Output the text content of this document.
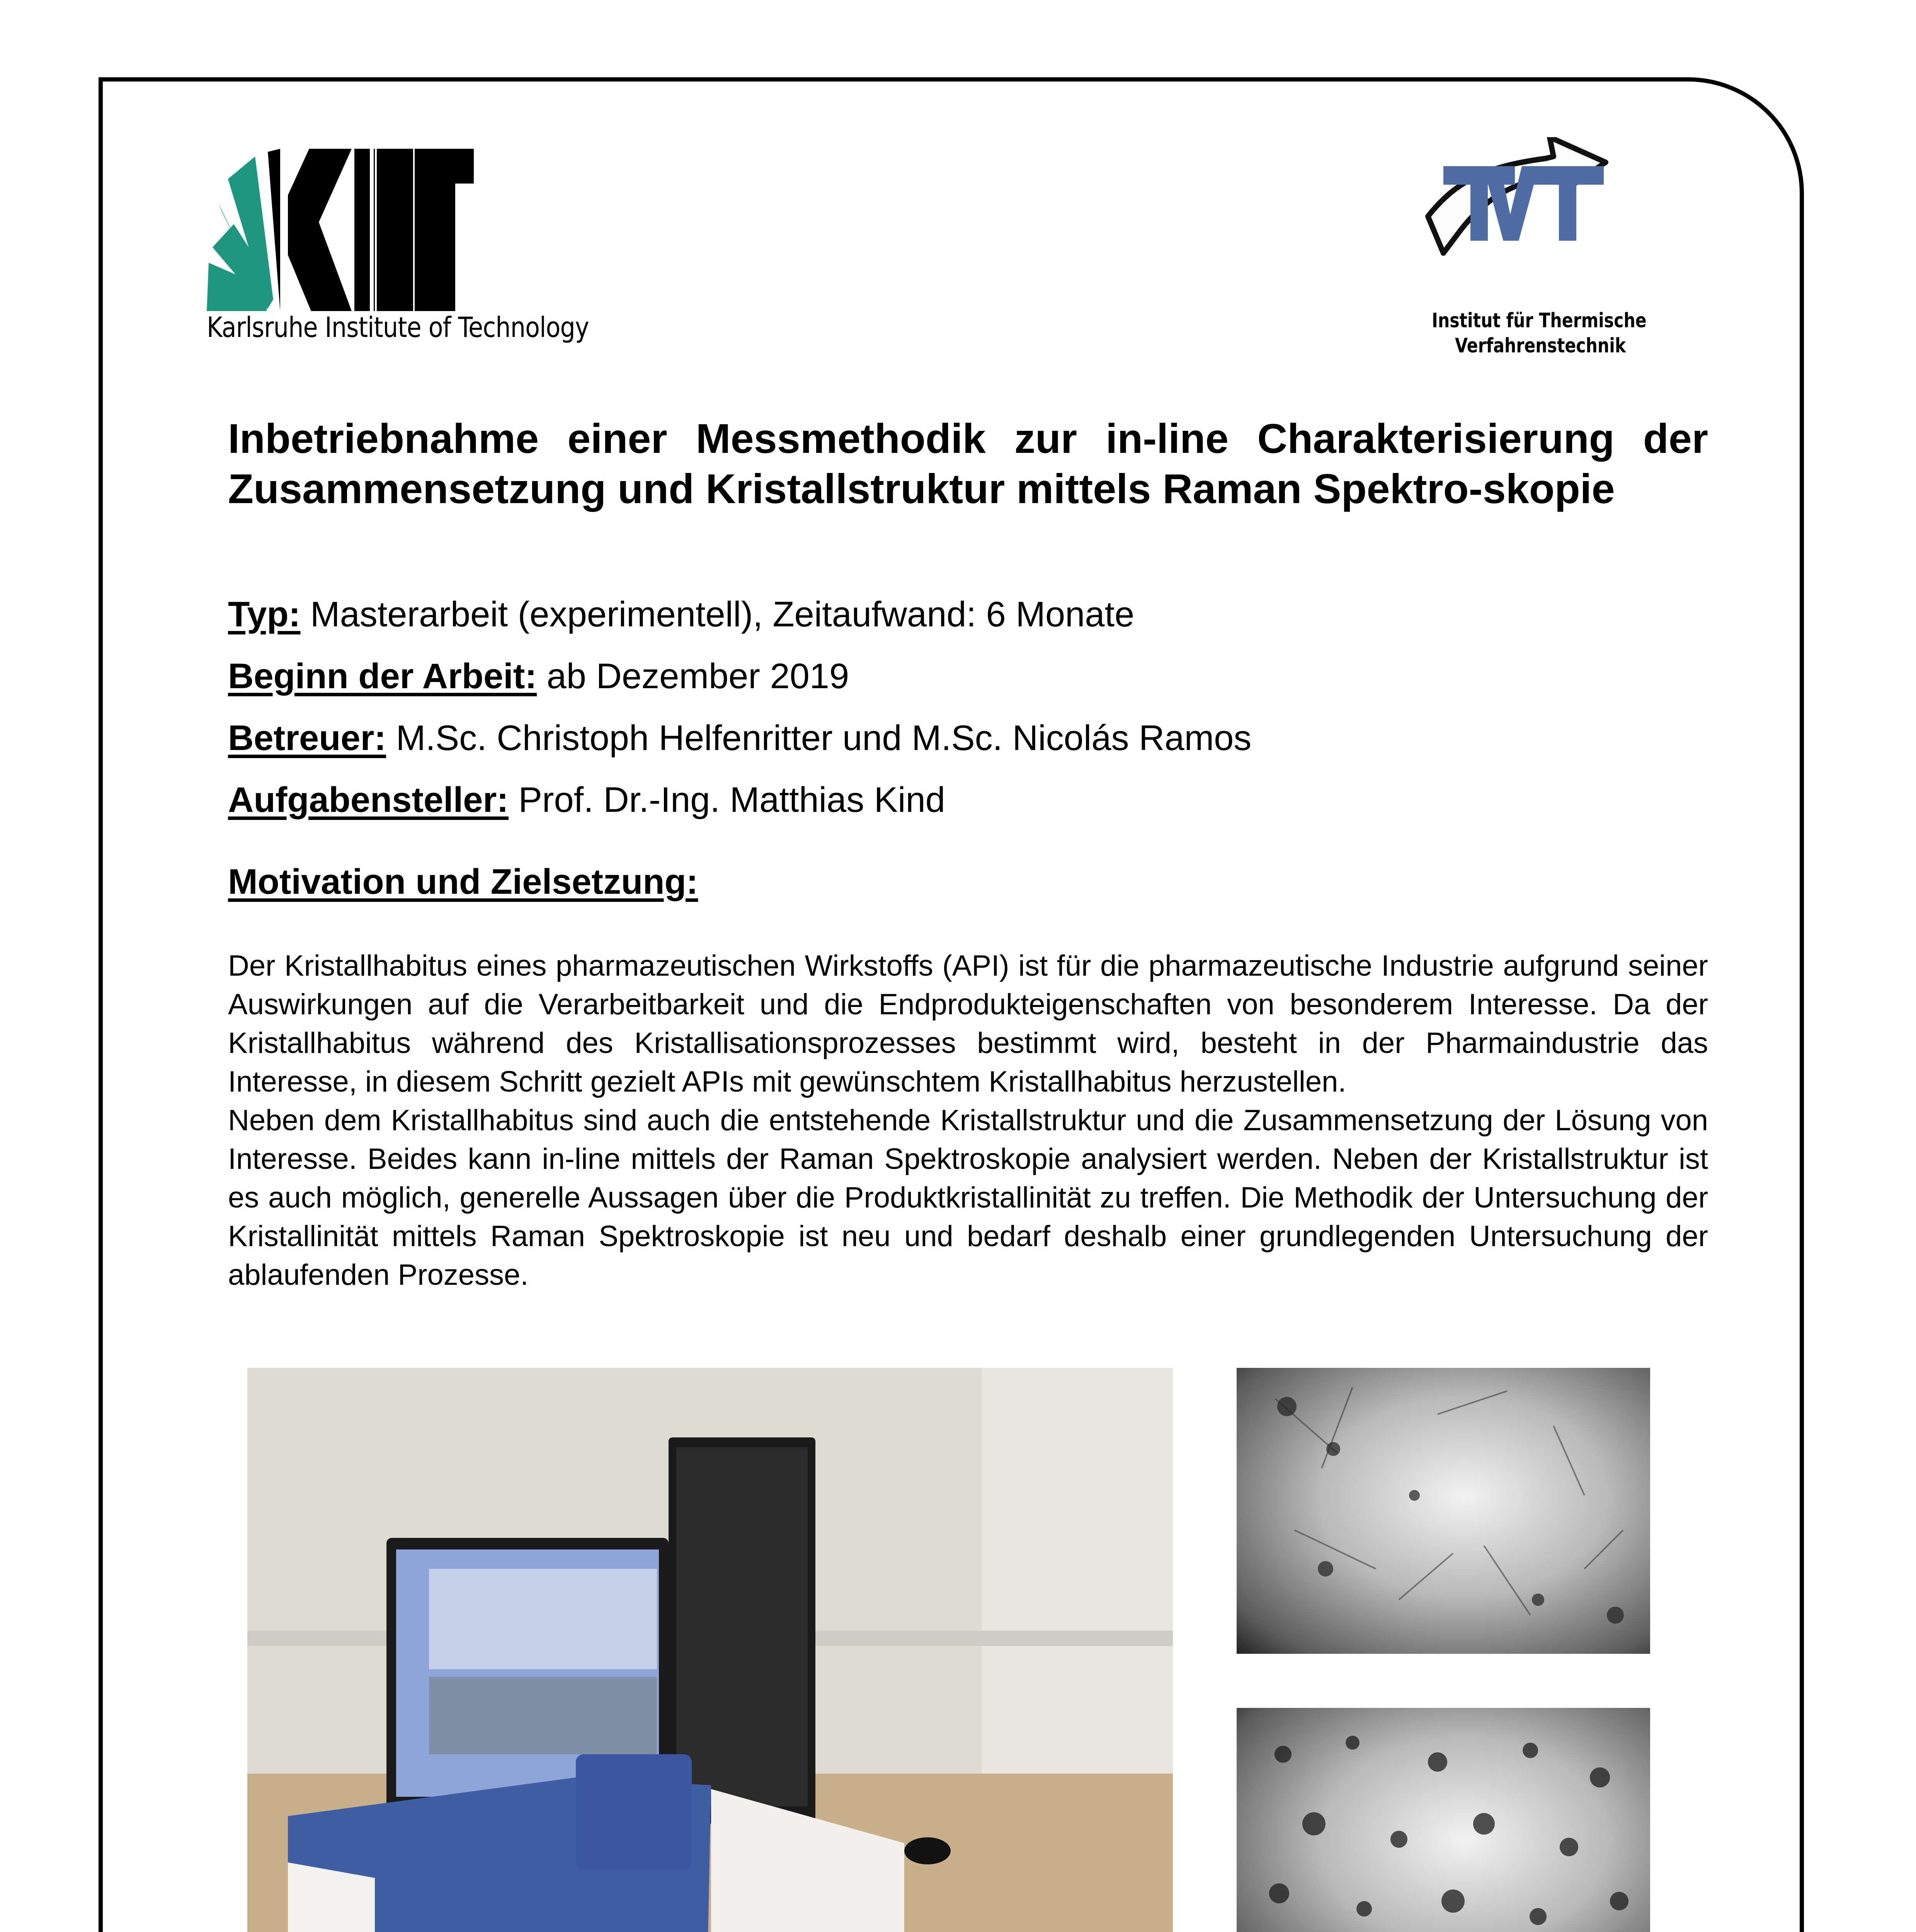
Karlsruhe Institute of Technology	Institut für Thermische
Verfahrenstechnik
Inbetriebnahme einer Messmethodik zur in-line Charakterisierung der Zusammensetzung und Kristallstruktur mittels Raman Spektro-skopie
Typ: Masterarbeit (experimentell), Zeitaufwand: 6 Monate
Beginn der Arbeit: ab Dezember 2019
Betreuer: M.Sc. Christoph Helfenritter und M.Sc. Nicolás Ramos
Aufgabensteller: Prof. Dr.-Ing. Matthias Kind
Motivation und Zielsetzung:

Der Kristallhabitus eines pharmazeutischen Wirkstoffs (API) ist für die pharmazeutische Industrie aufgrund seiner Auswirkungen auf die Verarbeitbarkeit und die Endprodukteigenschaften von besonderem Interesse. Da der Kristallhabitus während des Kristallisationsprozesses bestimmt wird, besteht in der Pharmaindustrie das Interesse, in diesem Schritt gezielt APIs mit gewünschtem Kristallhabitus herzustellen.

Neben dem Kristallhabitus sind auch die entstehende Kristallstruktur und die Zusammensetzung der Lösung von Interesse. Beides kann in-line mittels der Raman Spektroskopie analysiert werden. Neben der Kristallstruktur ist es auch möglich, generelle Aussagen über die Produktkristallinität zu treffen. Die Methodik der Untersuchung der Kristallinität mittels Raman Spektroskopie ist neu und bedarf deshalb einer grundlegenden Untersuchung der ablaufenden Prozesse.
